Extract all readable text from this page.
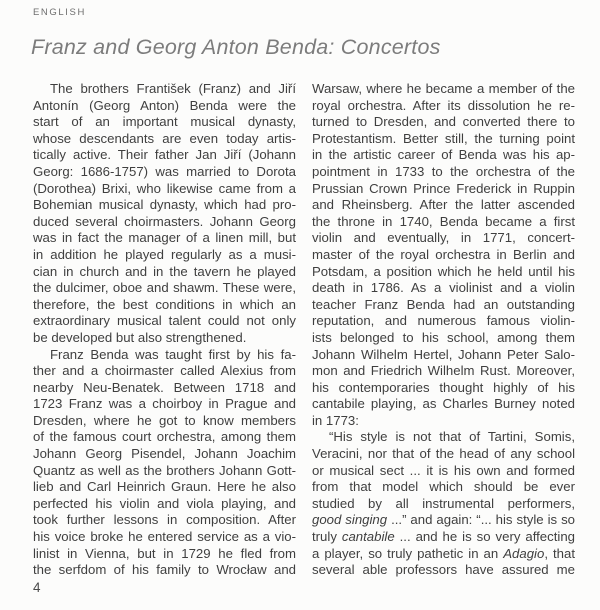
ENGLISH
Franz and Georg Anton Benda: Concertos
The brothers František (Franz) and Jiří
Antonín (Georg Anton) Benda were the
start of an important musical dynasty,
whose descendants are even today artis-
tically active. Their father Jan Jiří (Johann
Georg: 1686-1757) was married to Dorota
(Dorothea) Brixi, who likewise came from a
Bohemian musical dynasty, which had pro-
duced several choirmasters. Johann Georg
was in fact the manager of a linen mill, but
in addition he played regularly as a musi-
cian in church and in the tavern he played
the dulcimer, oboe and shawm. These were,
therefore, the best conditions in which an
extraordinary musical talent could not only
be developed but also strengthened.
Franz Benda was taught first by his fa-
ther and a choirmaster called Alexius from
nearby Neu-Benatek. Between 1718 and
1723 Franz was a choirboy in Prague and
Dresden, where he got to know members
of the famous court orchestra, among them
Johann Georg Pisendel, Johann Joachim
Quantz as well as the brothers Johann Gott-
lieb and Carl Heinrich Graun. Here he also
perfected his violin and viola playing, and
took further lessons in composition. After
his voice broke he entered service as a vio-
linist in Vienna, but in 1729 he fled from
the serfdom of his family to Wrocław and
Warsaw, where he became a member of the
royal orchestra. After its dissolution he re-
turned to Dresden, and converted there to
Protestantism. Better still, the turning point
in the artistic career of Benda was his ap-
pointment in 1733 to the orchestra of the
Prussian Crown Prince Frederick in Ruppin
and Rheinsberg. After the latter ascended
the throne in 1740, Benda became a first
violin and eventually, in 1771, concert-
master of the royal orchestra in Berlin and
Potsdam, a position which he held until his
death in 1786. As a violinist and a violin
teacher Franz Benda had an outstanding
reputation, and numerous famous violin-
ists belonged to his school, among them
Johann Wilhelm Hertel, Johann Peter Salo-
mon and Friedrich Wilhelm Rust. Moreover,
his contemporaries thought highly of his
cantabile playing, as Charles Burney noted
in 1773:
“His style is not that of Tartini, Somis,
Veracini, nor that of the head of any school
or musical sect ... it is his own and formed
from that model which should be ever
studied by all instrumental performers,
good singing ...” and again: “... his style is so
truly cantabile ... and he is so very affecting
a player, so truly pathetic in an Adagio, that
several able professors have assured me
4
